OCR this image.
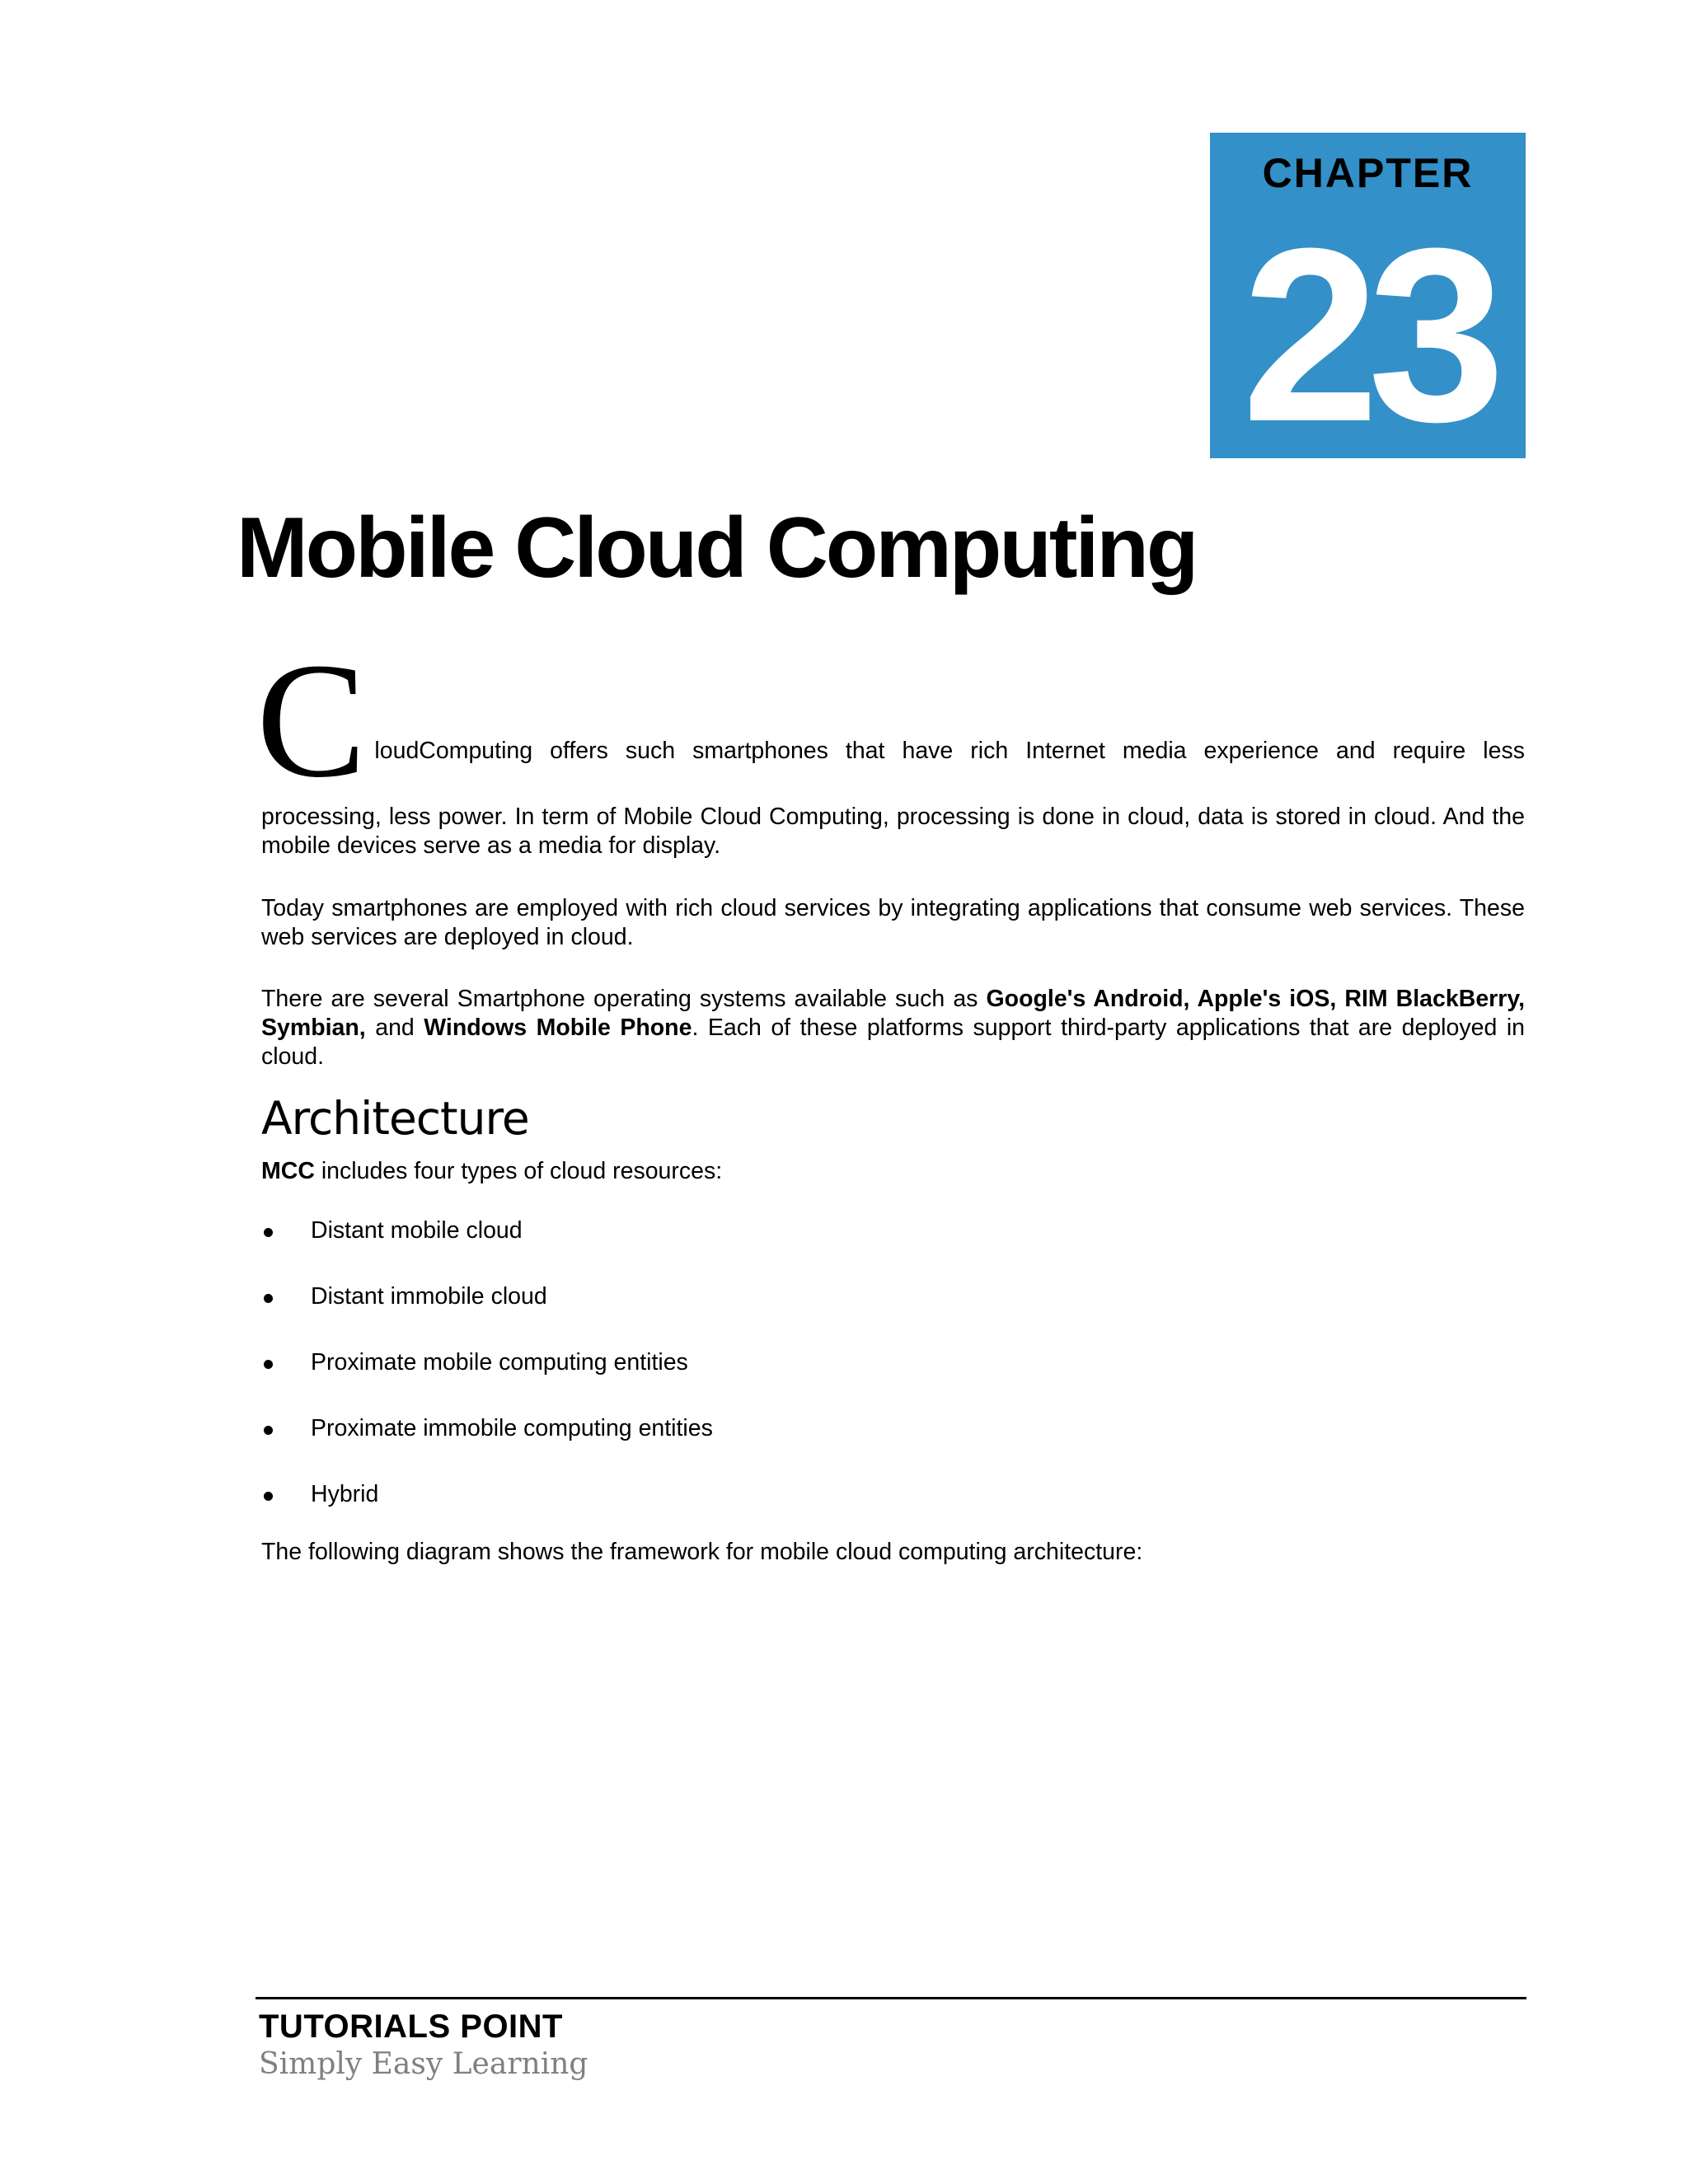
CHAPTER
23
Mobile Cloud Computing
C loudComputing offers such smartphones that have rich Internet media experience and require less

processing, less power. In term of Mobile Cloud Computing, processing is done in cloud, data is stored in cloud. And the mobile devices serve as a media for display.

Today smartphones are employed with rich cloud services by integrating applications that consume web services. These web services are deployed in cloud.

There are several Smartphone operating systems available such as Google's Android, Apple's iOS, RIM BlackBerry, Symbian, and Windows Mobile Phone. Each of these platforms support third-party applications that are deployed in cloud.

Architecture

MCC includes four types of cloud resources:

Distant mobile cloud
Distant immobile cloud
Proximate mobile computing entities
Proximate immobile computing entities
Hybrid

The following diagram shows the framework for mobile cloud computing architecture:

TUTORIALS POINT
Simply Easy Learning
